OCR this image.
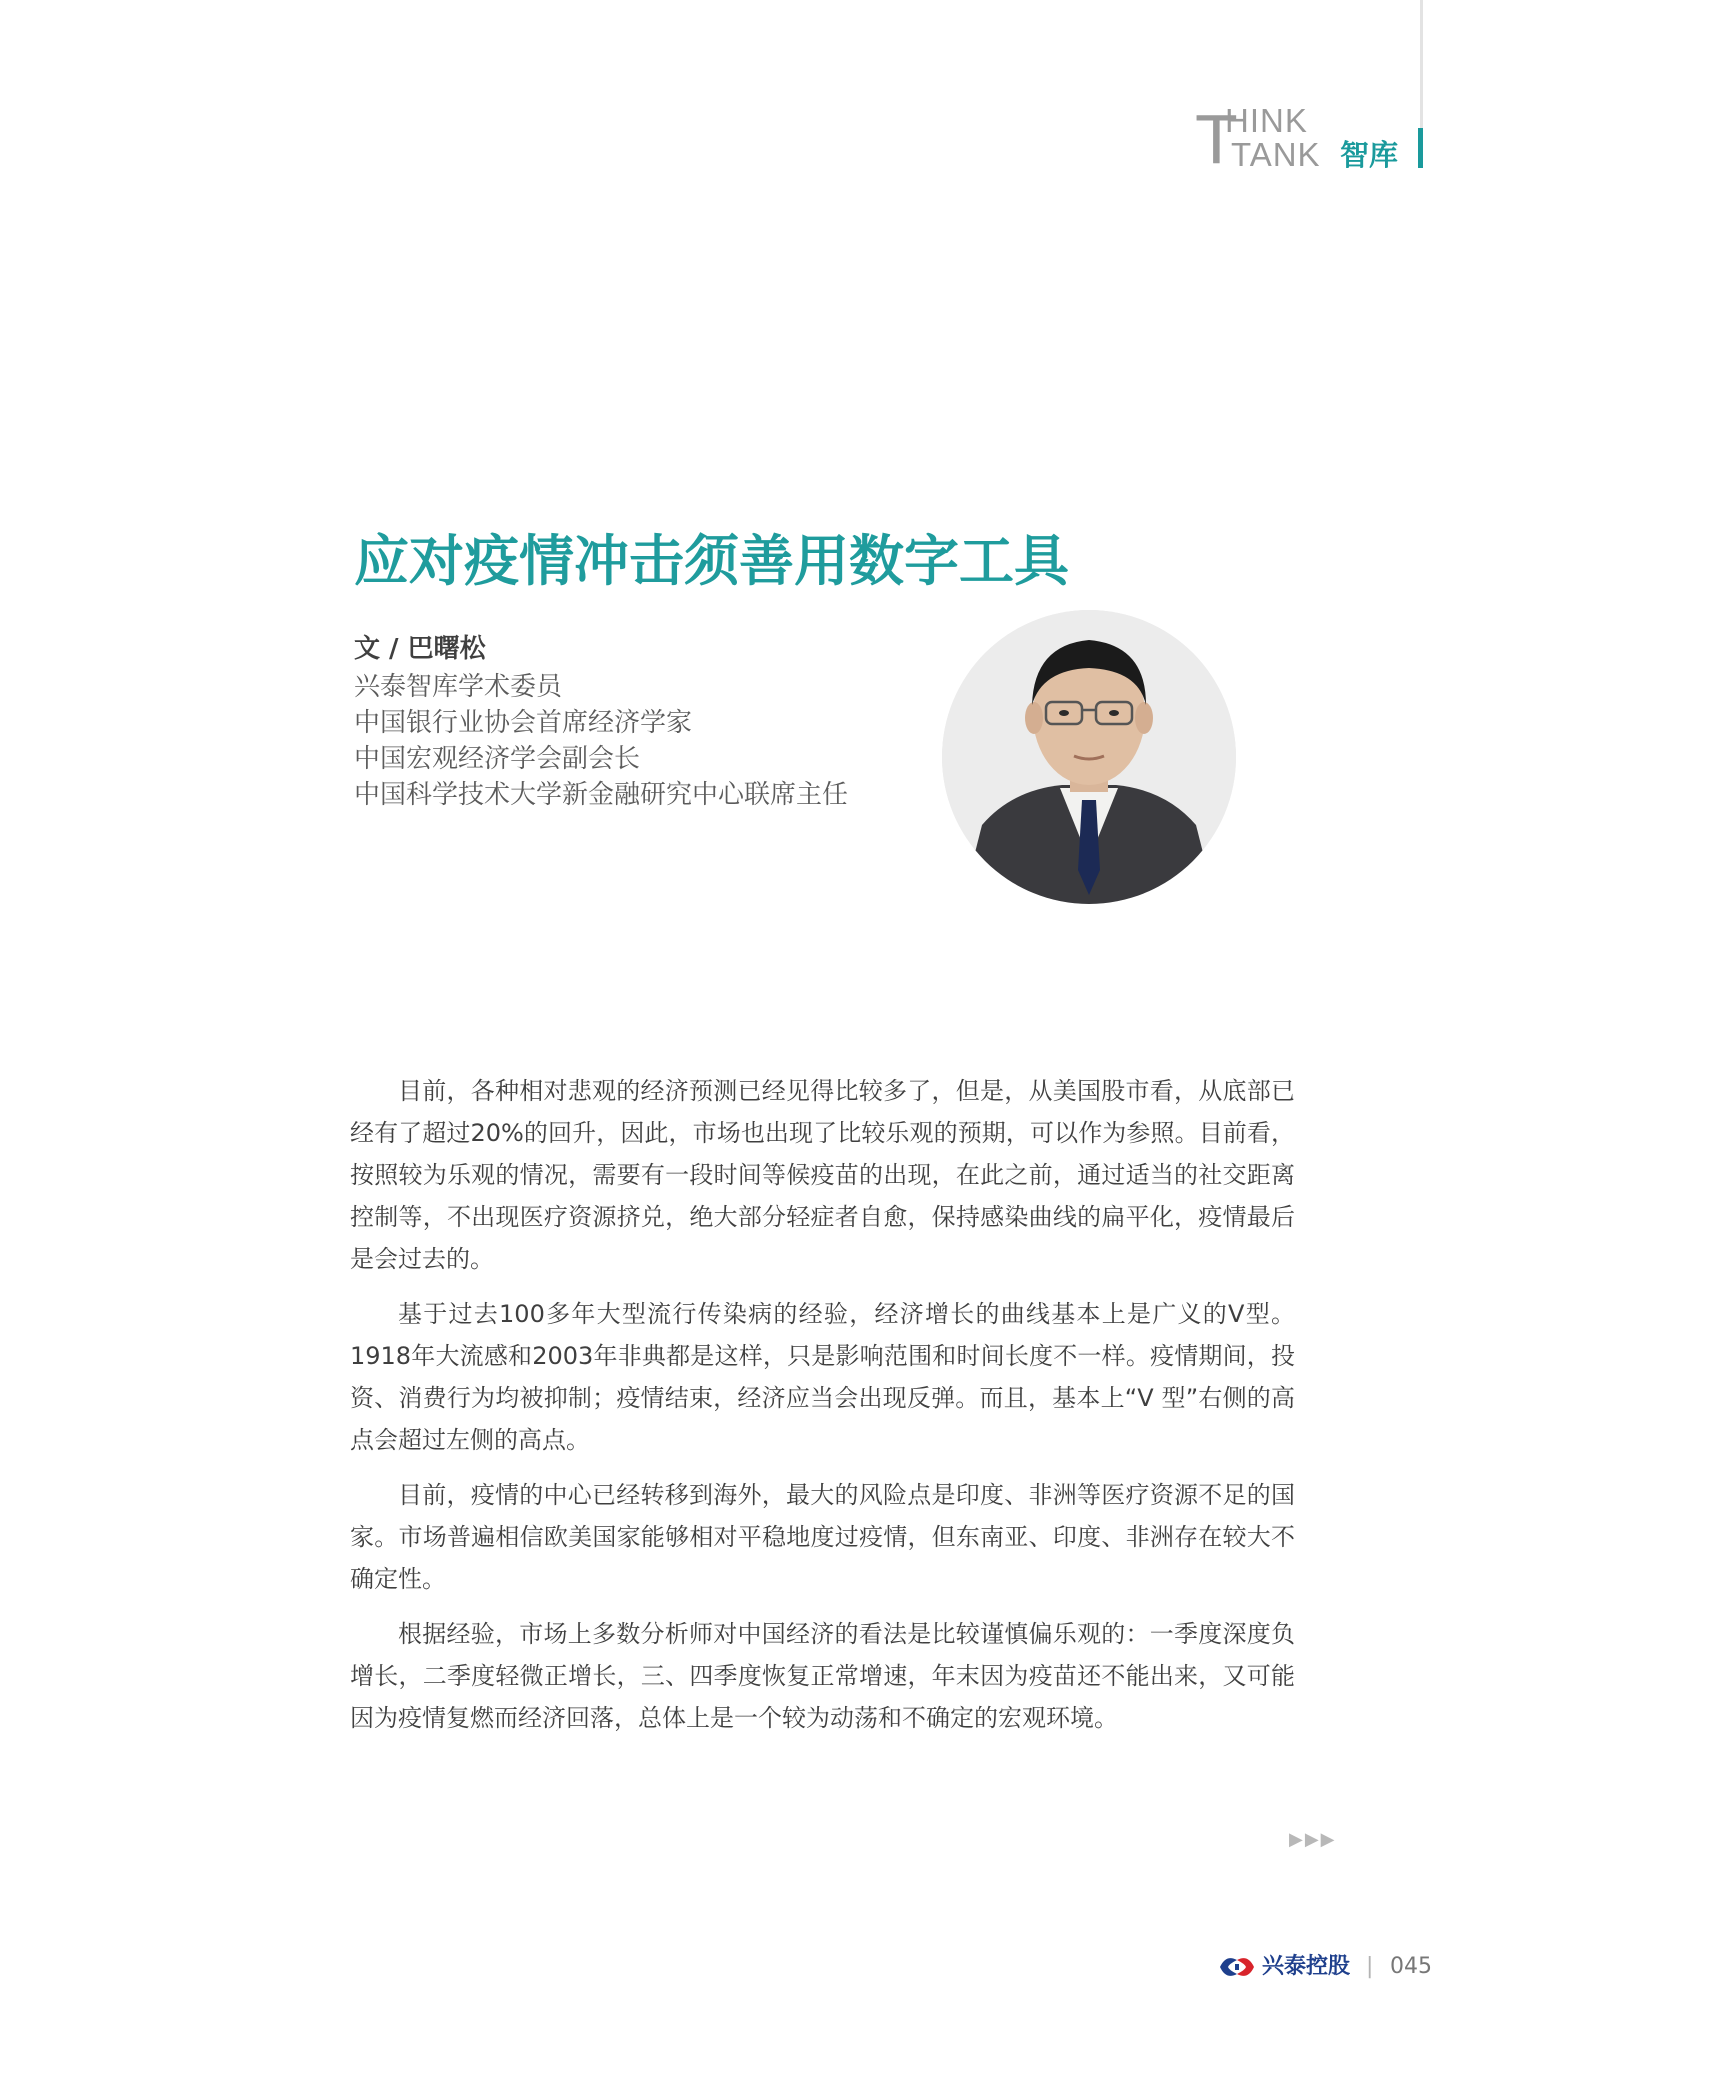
T
HINK
TANK 智库
应对疫情冲击须善用数字工具
文 / 巴曙松
兴泰智库学术委员
中国银行业协会首席经济学家
中国宏观经济学会副会长
中国科学技术大学新金融研究中心联席主任

目前，各种相对悲观的经济预测已经见得比较多了，但是，从美国股市看，从底部已经有了超过20%的回升，因此，市场也出现了比较乐观的预期，可以作为参照。目前看，按照较为乐观的情况，需要有一段时间等候疫苗的出现，在此之前，通过适当的社交距离控制等，不出现医疗资源挤兑，绝大部分轻症者自愈，保持感染曲线的扁平化，疫情最后是会过去的。

基于过去100多年大型流行传染病的经验，经济增长的曲线基本上是广义的V型。1918年大流感和2003年非典都是这样，只是影响范围和时间长度不一样。疫情期间，投资、消费行为均被抑制；疫情结束，经济应当会出现反弹。而且，基本上“V 型”右侧的高点会超过左侧的高点。

目前，疫情的中心已经转移到海外，最大的风险点是印度、非洲等医疗资源不足的国家。市场普遍相信欧美国家能够相对平稳地度过疫情，但东南亚、印度、非洲存在较大不确定性。

根据经验，市场上多数分析师对中国经济的看法是比较谨慎偏乐观的：一季度深度负增长，二季度轻微正增长，三、四季度恢复正常增速，年末因为疫苗还不能出来，又可能因为疫情复燃而经济回落，总体上是一个较为动荡和不确定的宏观环境。

▶▶▶
兴泰控股 | 045
